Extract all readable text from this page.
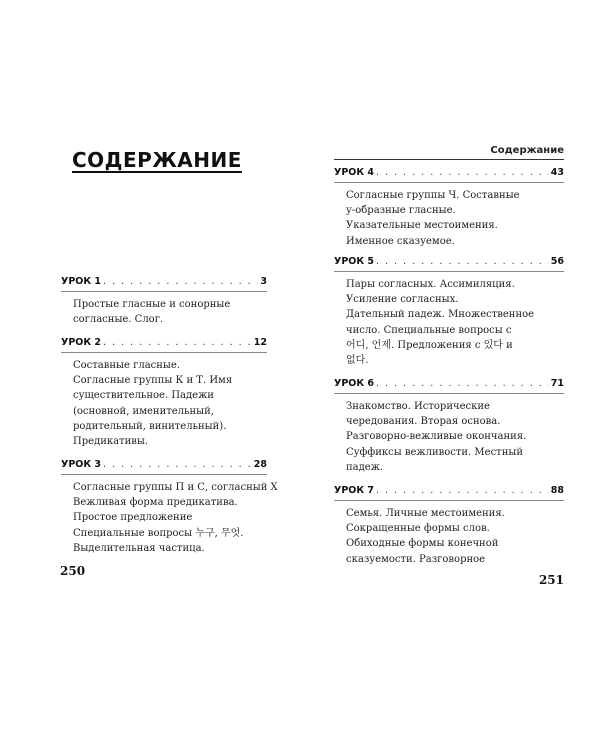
СОДЕРЖАНИЕ
УРОК 1 . . .	3
Простые гласные и сонорные
согласные. Слог.
УРОК 2 . . .	12
Составные гласные.
Согласные группы К и Т. Имя
существительное. Падежи
(основной, именительный,
родительный, винительный).
Предикативы.
УРОК 3 . . .	28
Согласные группы П и С, согласный Х
Вежливая форма предикатива.
Простое предложение
Специальные вопросы 누구, 무엇.
Выделительная частица.
250
Содержание
УРОК 4 . . .	43
Согласные группы Ч. Составные
у-образные гласные.
Указательные местоимения.
Именное сказуемое.
УРОК 5 . . .	56
Пары согласных. Ассимиляция.
Усиление согласных.
Дательный падеж. Множественное
число. Специальные вопросы с
어디, 언제. Предложения с 있다 и
없다.
УРОК 6 . . .	71
Знакомство. Исторические
чередования. Вторая основа.
Разговорно-вежливые окончания.
Суффиксы вежливости. Местный
падеж.
УРОК 7 . . .	88
Семья. Личные местоимения.
Сокращенные формы слов.
Обиходные формы конечной
сказуемости. Разговорное
251
